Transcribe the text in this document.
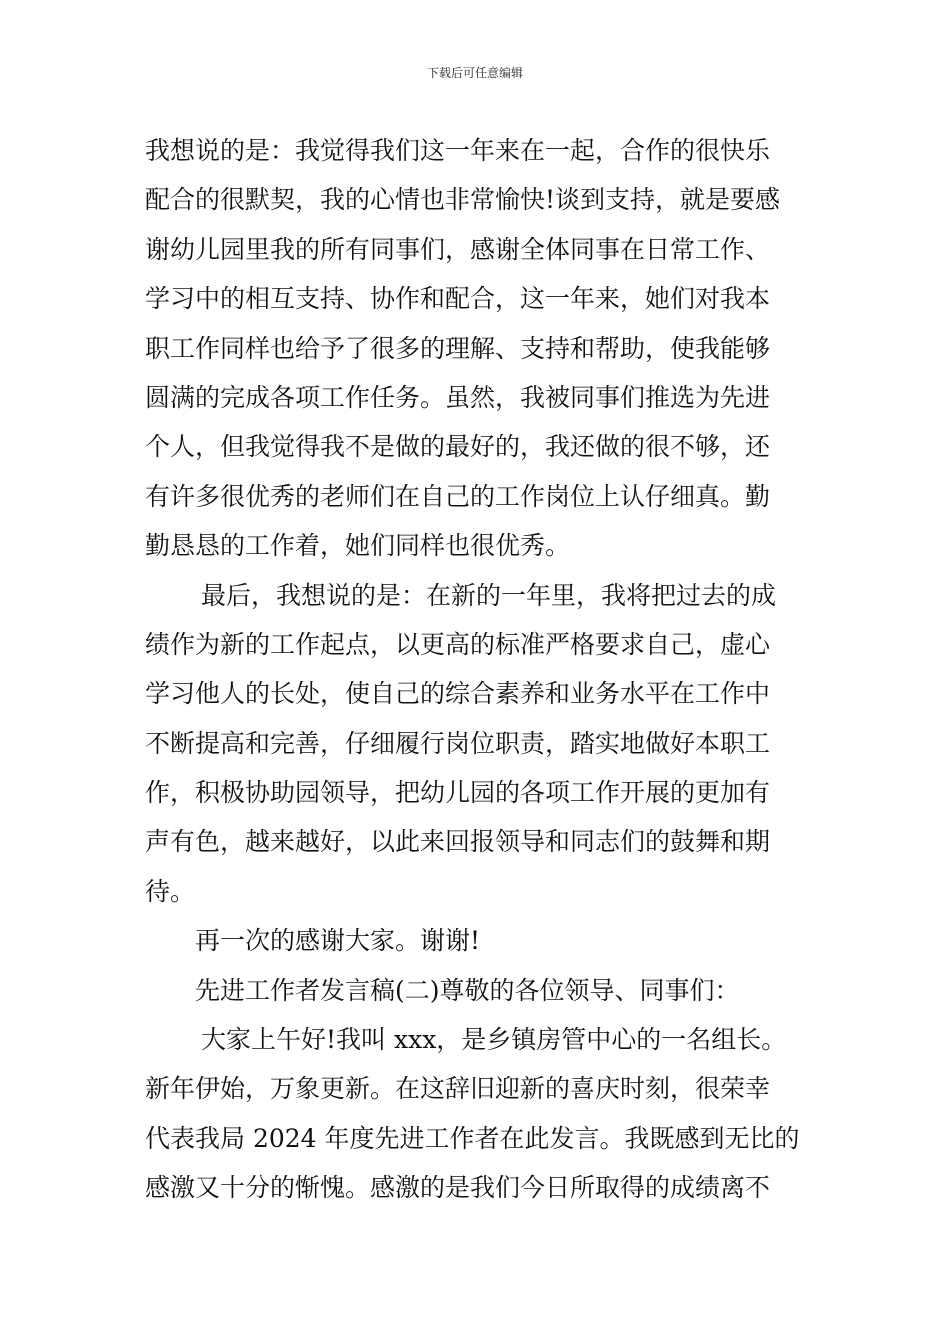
下载后可任意编辑
我想说的是：我觉得我们这一年来在一起，合作的很快乐
配合的很默契，我的心情也非常愉快!谈到支持，就是要感
谢幼儿园里我的所有同事们，感谢全体同事在日常工作、
学习中的相互支持、协作和配合，这一年来，她们对我本
职工作同样也给予了很多的理解、支持和帮助，使我能够
圆满的完成各项工作任务。虽然，我被同事们推选为先进
个人，但我觉得我不是做的最好的，我还做的很不够，还
有许多很优秀的老师们在自己的工作岗位上认仔细真。勤
勤恳恳的工作着，她们同样也很优秀。
最后，我想说的是：在新的一年里，我将把过去的成
绩作为新的工作起点，以更高的标准严格要求自己，虚心
学习他人的长处，使自己的综合素养和业务水平在工作中
不断提高和完善，仔细履行岗位职责，踏实地做好本职工
作，积极协助园领导，把幼儿园的各项工作开展的更加有
声有色，越来越好，以此来回报领导和同志们的鼓舞和期
待。
再一次的感谢大家。谢谢!
先进工作者发言稿(二)尊敬的各位领导、同事们：
大家上午好!我叫 xxx，是乡镇房管中心的一名组长。
新年伊始，万象更新。在这辞旧迎新的喜庆时刻，很荣幸
代表我局 2024 年度先进工作者在此发言。我既感到无比的
感激又十分的惭愧。感激的是我们今日所取得的成绩离不
